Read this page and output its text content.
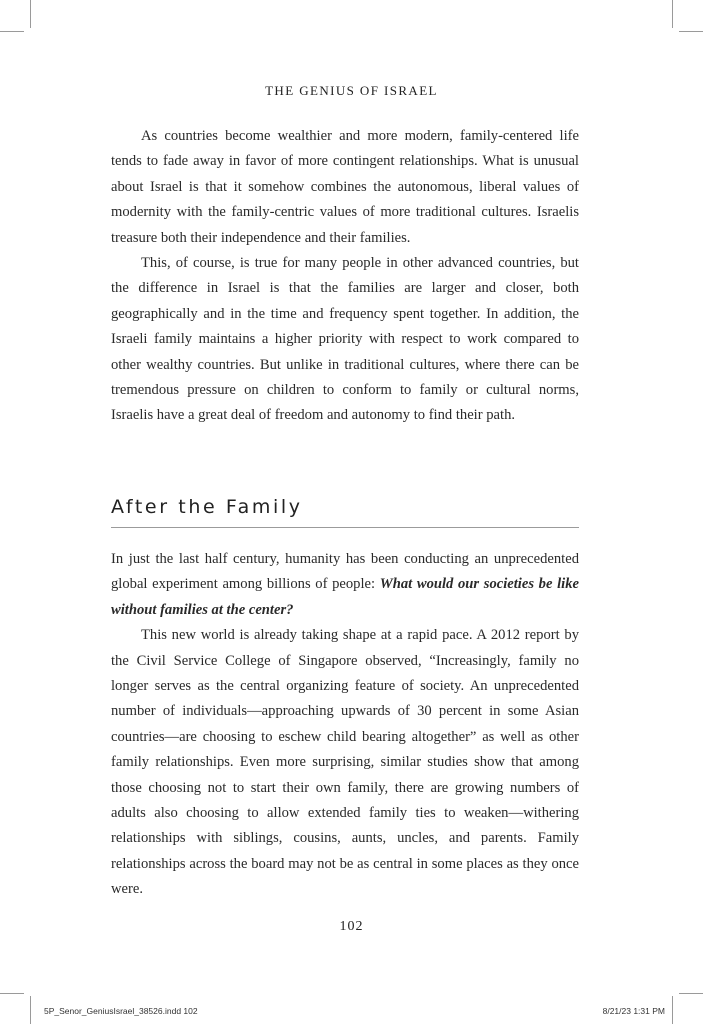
THE GENIUS OF ISRAEL

As countries become wealthier and more modern, family-centered life tends to fade away in favor of more contingent relationships. What is unusual about Israel is that it somehow combines the autonomous, liberal values of modernity with the family-centric values of more traditional cultures. Israelis treasure both their independence and their families.

This, of course, is true for many people in other advanced countries, but the difference in Israel is that the families are larger and closer, both geographically and in the time and frequency spent together. In addition, the Israeli family maintains a higher priority with respect to work compared to other wealthy countries. But unlike in traditional cultures, where there can be tremendous pressure on children to conform to family or cultural norms, Israelis have a great deal of freedom and autonomy to find their path.

After the Family

In just the last half century, humanity has been conducting an unprecedented global experiment among billions of people: What would our societies be like without families at the center?

This new world is already taking shape at a rapid pace. A 2012 report by the Civil Service College of Singapore observed, “Increasingly, family no longer serves as the central organizing feature of society. An unprecedented number of individuals—approaching upwards of 30 percent in some Asian countries—are choosing to eschew child bearing altogether” as well as other family relationships. Even more surprising, similar studies show that among those choosing not to start their own family, there are growing numbers of adults also choosing to allow extended family ties to weaken—withering relationships with siblings, cousins, aunts, uncles, and parents. Family relationships across the board may not be as central in some places as they once were.

102
5P_Senor_GeniusIsrael_38526.indd 102	8/21/23 1:31 PM
